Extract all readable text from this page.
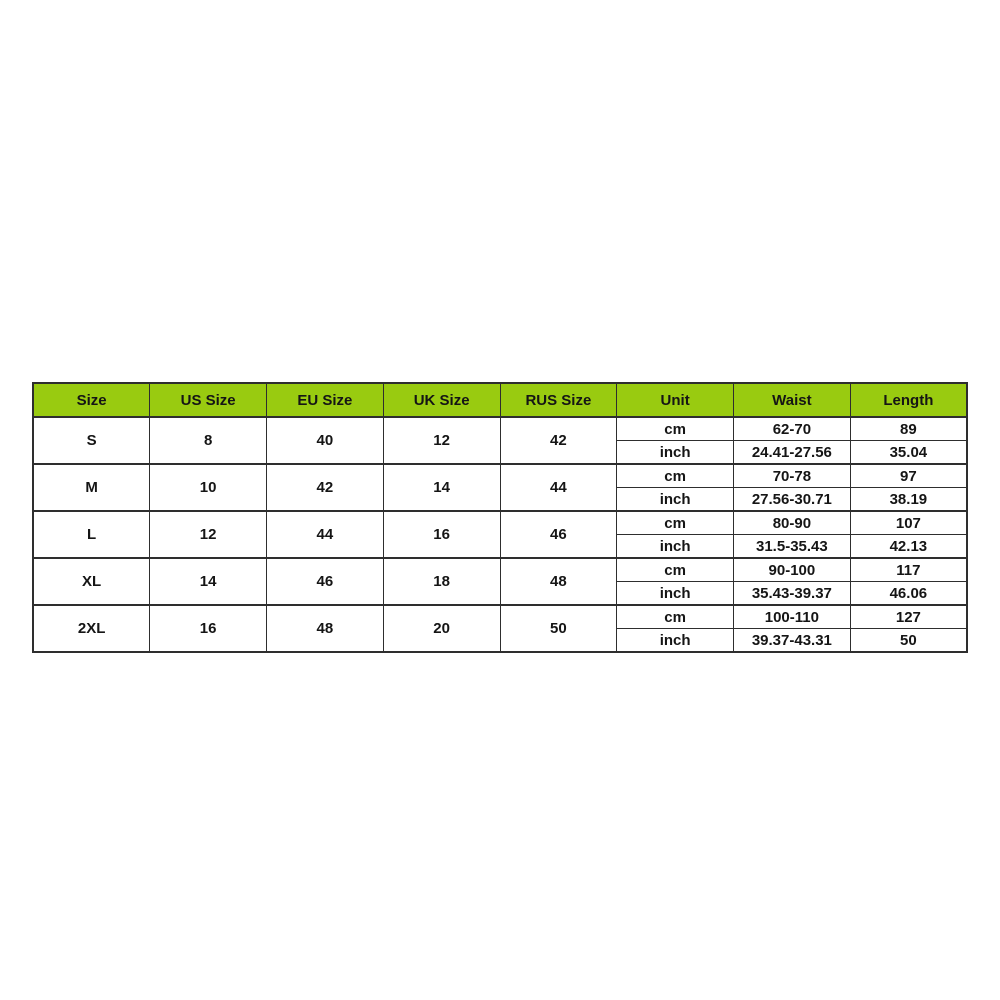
Size	US Size	EU Size	UK Size	RUS Size	Unit	Waist	Length
S	8	40	12	42	cm	62-70	89
					inch	24.41-27.56	35.04
M	10	42	14	44	cm	70-78	97
					inch	27.56-30.71	38.19
L	12	44	16	46	cm	80-90	107
					inch	31.5-35.43	42.13
XL	14	46	18	48	cm	90-100	117
					inch	35.43-39.37	46.06
2XL	16	48	20	50	cm	100-110	127
					inch	39.37-43.31	50
